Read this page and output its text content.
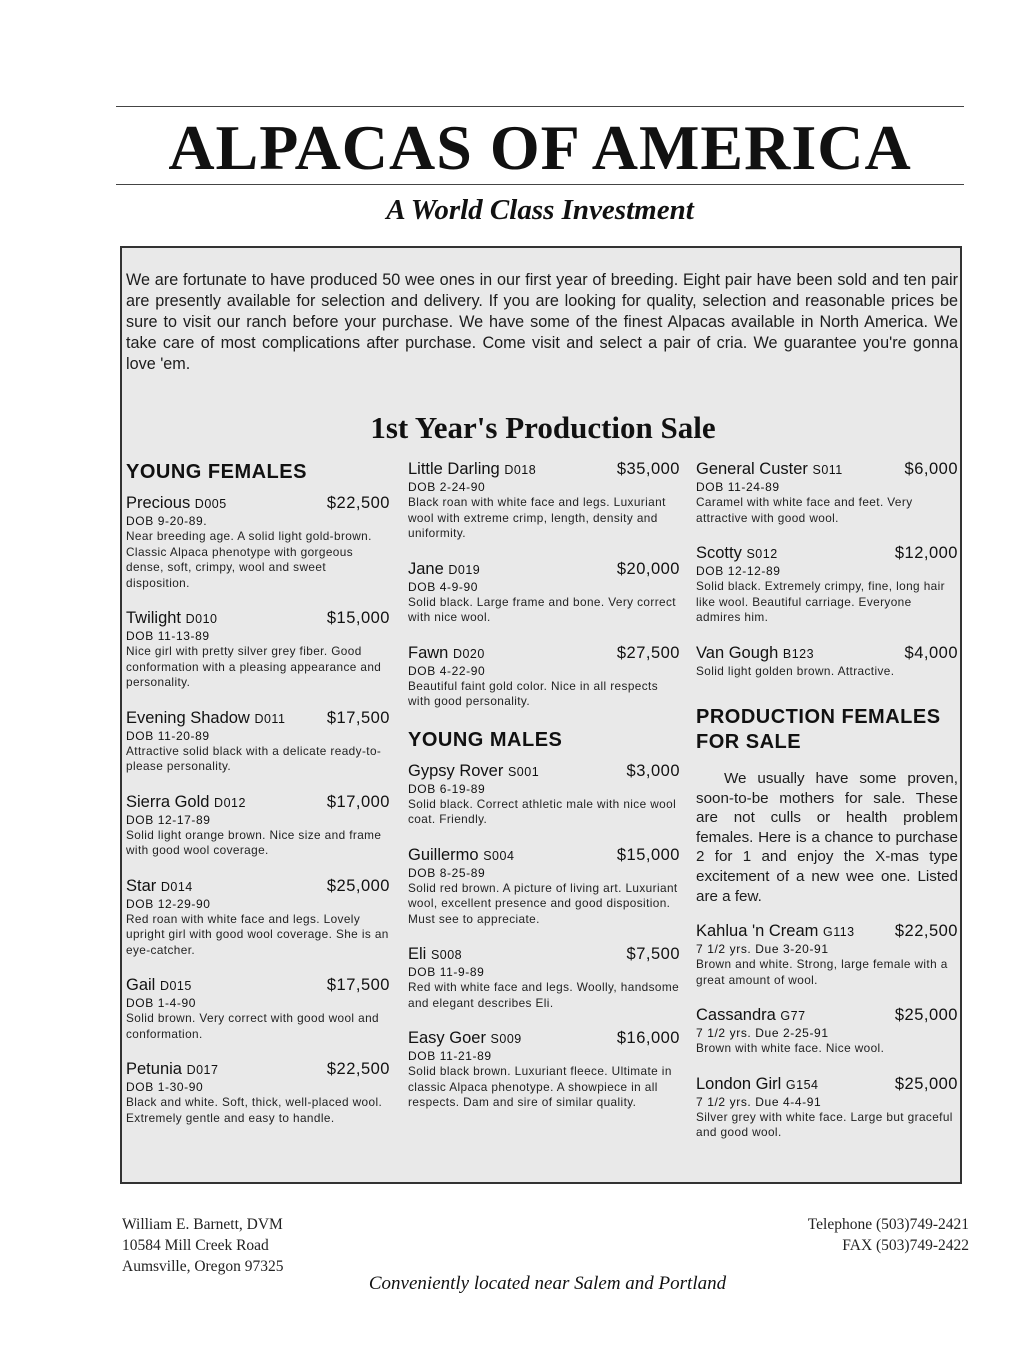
ALPACAS OF AMERICA
A World Class Investment

We are fortunate to have produced 50 wee ones in our first year of breeding. Eight pair have been sold and ten pair are presently available for selection and delivery. If you are looking for quality, selection and reasonable prices be sure to visit our ranch before your purchase. We have some of the finest Alpacas available in North America. We take care of most complications after purchase. Come visit and select a pair of cria. We guarantee you're gonna love 'em.

1st Year's Production Sale
YOUNG FEMALES
Precious D005	$22,500
DOB 9-20-89.
Near breeding age. A solid light gold-brown. Classic Alpaca phenotype with gorgeous dense, soft, crimpy, wool and sweet disposition.
Twilight D010	$15,000
DOB 11-13-89
Nice girl with pretty silver grey fiber. Good conformation with a pleasing appearance and personality.
Evening Shadow D011	$17,500
DOB 11-20-89
Attractive solid black with a delicate ready-to-please personality.
Sierra Gold D012	$17,000
DOB 12-17-89
Solid light orange brown. Nice size and frame with good wool coverage.
Star D014	$25,000
DOB 12-29-90
Red roan with white face and legs. Lovely upright girl with good wool coverage. She is an eye-catcher.
Gail D015	$17,500
DOB 1-4-90
Solid brown. Very correct with good wool and conformation.
Petunia D017	$22,500
DOB 1-30-90
Black and white. Soft, thick, well-placed wool. Extremely gentle and easy to handle.
Little Darling D018	$35,000
DOB 2-24-90
Black roan with white face and legs. Luxuriant wool with extreme crimp, length, density and uniformity.
Jane D019	$20,000
DOB 4-9-90
Solid black. Large frame and bone. Very correct with nice wool.
Fawn D020	$27,500
DOB 4-22-90
Beautiful faint gold color. Nice in all respects with good personality.
YOUNG MALES
Gypsy Rover S001	$3,000
DOB 6-19-89
Solid black. Correct athletic male with nice wool coat. Friendly.
Guillermo S004	$15,000
DOB 8-25-89
Solid red brown. A picture of living art. Luxuriant wool, excellent presence and good disposition. Must see to appreciate.
Eli S008	$7,500
DOB 11-9-89
Red with white face and legs. Woolly, handsome and elegant describes Eli.
Easy Goer S009	$16,000
DOB 11-21-89
Solid black brown. Luxuriant fleece. Ultimate in classic Alpaca phenotype. A showpiece in all respects. Dam and sire of similar quality.
General Custer S011	$6,000
DOB 11-24-89
Caramel with white face and feet. Very attractive with good wool.
Scotty S012	$12,000
DOB 12-12-89
Solid black. Extremely crimpy, fine, long hair like wool. Beautiful carriage. Everyone admires him.
Van Gough B123	$4,000
Solid light golden brown. Attractive.
PRODUCTION FEMALES
FOR SALE

We usually have some proven, soon-to-be mothers for sale. These are not culls or health problem females. Here is a chance to purchase 2 for 1 and enjoy the X-mas type excitement of a new wee one. Listed are a few.

Kahlua 'n Cream G113 $22,500
7 1/2 yrs. Due 3-20-91
Brown and white. Strong, large female with a great amount of wool.
Cassandra G77	$25,000
7 1/2 yrs. Due 2-25-91
Brown with white face. Nice wool.
London Girl G154	$25,000
7 1/2 yrs. Due 4-4-91
Silver grey with white face. Large but graceful and good wool.
William E. Barnett, DVM
10584 Mill Creek Road
Aumsville, Oregon 97325
Telephone (503)749-2421
FAX (503)749-2422
Conveniently located near Salem and Portland
